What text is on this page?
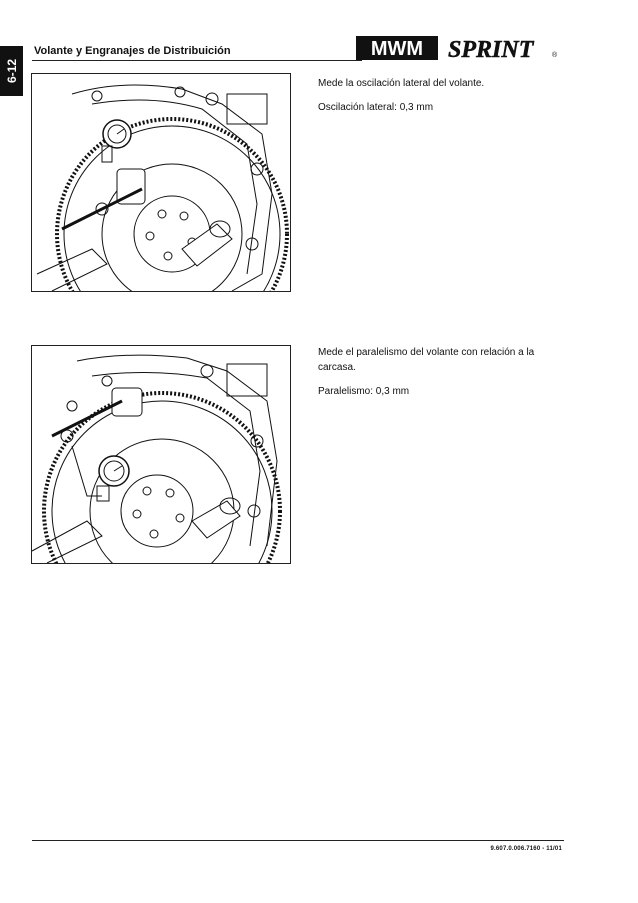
6-12
Volante y Engranajes de Distribuición	MWM SPRINT	®

Mede la oscilación lateral del volante.

Oscilación lateral: 0,3 mm

Mede el paralelismo del volante con relación a la carcasa.

Paralelismo: 0,3 mm

9.607.0.006.7160 - 11/01
